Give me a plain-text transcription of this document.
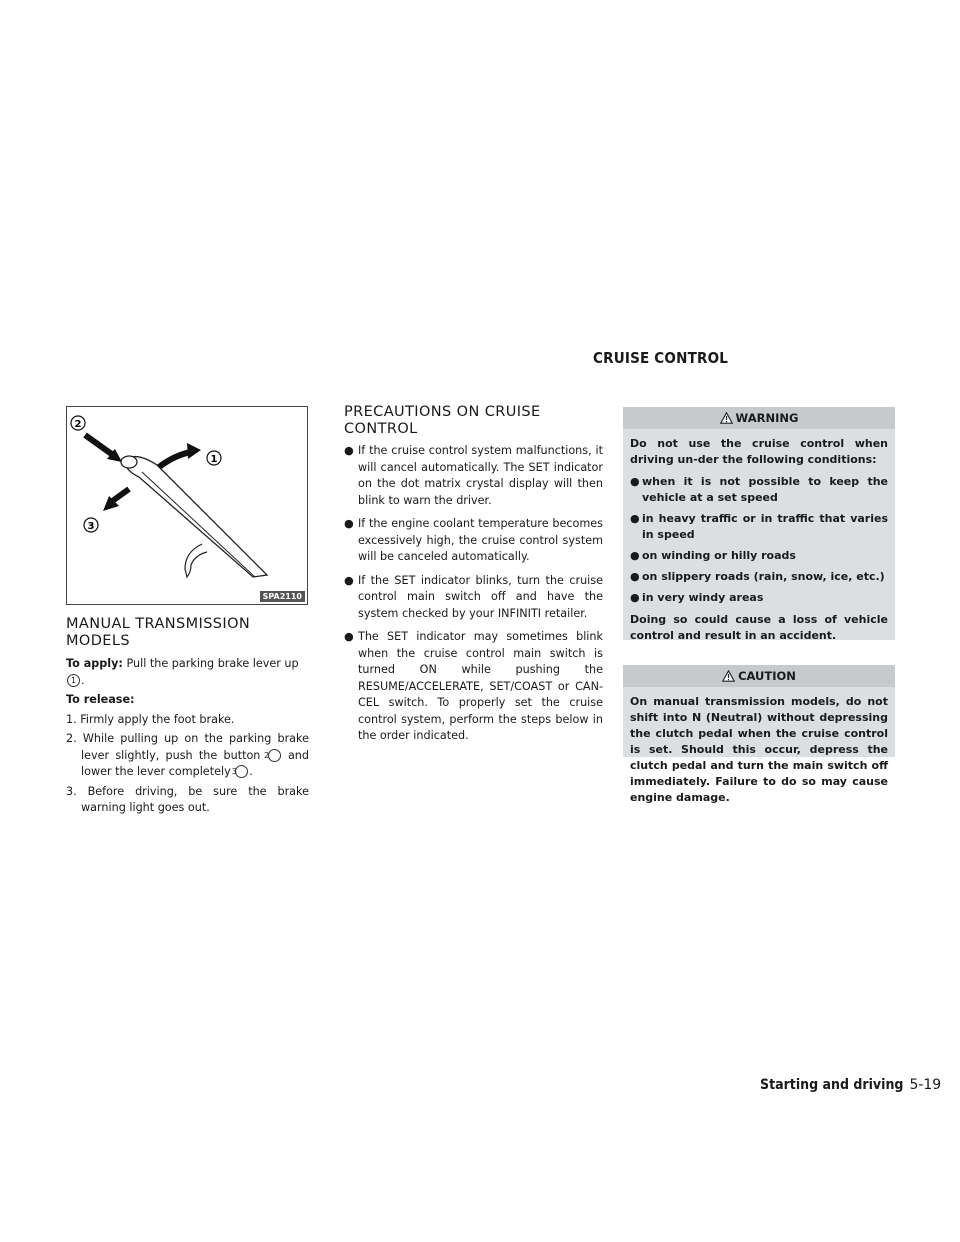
CRUISE CONTROL
1
2
3
SPA2110
MANUAL TRANSMISSION MODELS

To apply: Pull the parking brake lever up 1 .

To release:

1. Firmly apply the foot brake.
2. While pulling up on the parking brake lever slightly, push the button 2 and lower the lever completely 3 .
3. Before driving, be sure the brake warning light goes out.
PRECAUTIONS ON CRUISE CONTROL
● If the cruise control system malfunctions, it will cancel automatically. The SET indicator on the dot matrix crystal display will then blink to warn the driver.
● If the engine coolant temperature becomes excessively high, the cruise control system will be canceled automatically.
● If the SET indicator blinks, turn the cruise control main switch off and have the system checked by your INFINITI retailer.
● The SET indicator may sometimes blink when the cruise control main switch is turned ON while pushing the RESUME/ACCELERATE, SET/COAST or CAN-CEL switch. To properly set the cruise control system, perform the steps below in the order indicated.
WARNING

Do not use the cruise control when driving un-der the following conditions:

● when it is not possible to keep the vehicle at a set speed
● in heavy traffic or in traffic that varies in speed
● on winding or hilly roads
● on slippery roads (rain, snow, ice, etc.)
● in very windy areas

Doing so could cause a loss of vehicle control and result in an accident.

CAUTION

On manual transmission models, do not shift into N (Neutral) without depressing the clutch pedal when the cruise control is set. Should this occur, depress the clutch pedal and turn the main switch off immediately. Failure to do so may cause engine damage.

Starting and driving 5-19
